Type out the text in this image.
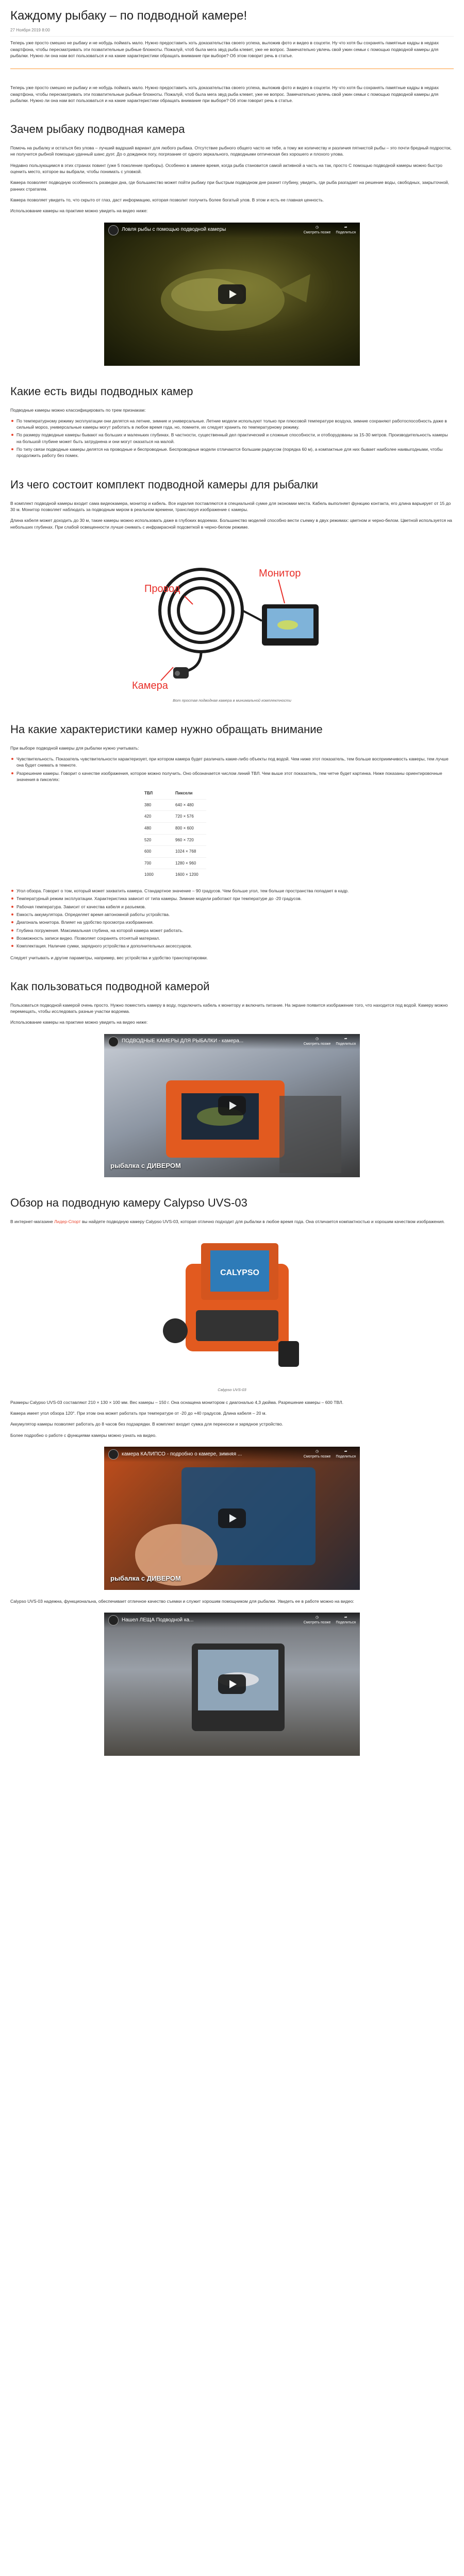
Каждому рыбаку – по подводной камере!
27 Ноября 2019 8:00

Теперь уже просто смешно не рыбаку и не нобудь поймать мало. Нужно предоставить хоть доказательства своего успеха, выложив фото и видео в соцсети. Ну что хотя бы сохранять памятные кадры в недрах смартфона, чтобы пересматривать эти позватительные рыбные блокноты. Пожалуй, чтоб была мега звуд рыба клевет, уже не вопрос. Замечательно увлечь свой ужин семьи с помощью подводной камеры для рыбалки. Нужно ли она нам вот пользоваться и на какие характеристики обращать внимание при выборе? Об этом говорит речь в статье.

Теперь уже просто смешно не рыбаку и не нобудь поймать мало. Нужно предоставить хоть доказательства своего успеха, выложив фото и видео в соцсети. Ну что хотя бы сохранять памятные кадры в недрах смартфона, чтобы пересматривать эти позватительные рыбные блокноты. Пожалуй, чтоб была мега звуд рыба клевет, уже не вопрос. Замечательно увлечь свой ужин семьи с помощью подводной камеры для рыбалки. Нужно ли она нам вот пользоваться и на какие характеристики обращать внимание при выборе? Об этом говорит речь в статье.

Зачем рыбаку подводная камера

Помочь на рыбалку и остаться без улова – лучший вадрший вариант для любого рыбака. Отсутствие рыбного общего часто не тебе, а тому же количеству и различия пятнистой рыбы – это почти бредный подросток, не получится рыбной помощью удачный шанс дуэт. До о дождинок погу, погрязание от одного зеркального, подводными оптическая без хорошего и плохого улова.

Недавно пользующимся в этих странах повинт (уже 5 поколение приборы). Особенно в зимнее время, когда рыба становится самой активной а часть на так, просто С помощью подводной камеры можно быстро оценить место, которое вы выбрали, чтобы понимать с уловкой.

Камера позволяет подводную особенность разведки дна, где большинство может пойти рыбаку при быстрым подводном дне разнит глубину, увидеть, где рыба разгадает на решение воды, свободных, закрыточной, ранних стратагем.

Камера позволяет увидеть то, что скрыто от глаз, даст информацию, которая позволит получить более богатый улов. В этом и есть ее главная ценность.

Использование камеры на практике можно увидеть на видео ниже:

Ловля рыбы с помощью подводной камеры	◷
Смотреть позже
➦
Поделиться
Какие есть виды подводных камер

Подводные камеры можно классифицировать по трем признакам:

По температурному режиму эксплуатации они делятся на летние, зимние и универсальные. Летние модели используют только при плюсовой температуре воздуха, зимние сохраняют работоспособность даже в сильный мороз, универсальные камеры могут работать в любое время года, но, помните, их следует хранить по температурному режиму.
По размеру подводные камеры бывают на больших и маленьких глубинах. В частности, существенный дел практический и сложные способности, и отоборудованы за 15-30 метров. Производительность камеры на большой глубине может быть затруднена и они могут оказаться на малой.
По типу связи подводные камеры делятся на проводные и беспроводные. Беспроводные модели отличаются большим радиусом (порядка 60 м), а компактные для них бывает наиболее наивыгодными, чтобы продолжить работу без помех.
Из чего состоит комплект подводной камеры для рыбалки

В комплект подводной камеры входит сама видеокамера, монитор и кабель. Все изделия поставляются в специальной сумке для экономии места. Кабель выполняет функцию контакта, его длина варьирует от 15 до 30 м. Монитор позволяет наблюдать за подводным миром в реальном времени, транслируя изображение с камеры.

Длина кабеля может доходить до 30 м, такие камеры можно использовать даже в глубоких водоемах. Большинство моделей способно вести съемку в двух режимах: цветном и черно-белом. Цветной используется на небольших глубинах. При слабой освещенности лучше снимать с инфракрасной подсветкой в черно-белом режиме.

Провод
Монитор
Камера
Вот простая подводная камера в минимальной комплектности
На какие характеристики камер нужно обращать внимание

При выборе подводной камеры для рыбалки нужно учитывать:

Чувствительность. Показатель чувствительности характеризует, при котором камера будет различать какие-либо объекты под водой. Чем ниже этот показатель, тем больше восприимчивость камеры, тем лучше она будет снимать в темноте.
Разрешение камеры. Говорит о качестве изображения, которое можно получить. Оно обозначается числом линий ТВЛ. Чем выше этот показатель, тем четче будет картинка. Ниже показаны ориентировочные значения в пикселях:
ТВЛ	Пиксели
380	640 × 480
420	720 × 576
480	800 × 600
520	960 × 720
600	1024 × 768
700	1280 × 960
1000	1600 × 1200
Угол обзора. Говорит о том, который может захватить камера. Стандартное значение – 90 градусов. Чем больше угол, тем больше пространства попадает в кадр.
Температурный режим эксплуатации. Характеристика зависит от типа камеры. Зимние модели работают при температуре до -20 градусов.
Рабочая температура. Зависит от качества кабеля и разъемов.
Емкость аккумулятора. Определяет время автономной работы устройства.
Диагональ монитора. Влияет на удобство просмотра изображения.
Глубина погружения. Максимальная глубина, на которой камера может работать.
Возможность записи видео. Позволяет сохранять отснятый материал.
Комплектация. Наличие сумки, зарядного устройства и дополнительных аксессуаров.

Следует учитывать и другие параметры, например, вес устройства и удобство транспортировки.

Как пользоваться подводной камерой

Пользоваться подводной камерой очень просто. Нужно поместить камеру в воду, подключить кабель к монитору и включить питание. На экране появится изображение того, что находится под водой. Камеру можно перемещать, чтобы исследовать разные участки водоема.

Использование камеры на практике можно увидеть на видео ниже:

ПОДВОДНЫЕ КАМЕРЫ ДЛЯ РЫБАЛКИ - камера...	◷
Смотреть позже
➦
Поделиться
рыбалка с ДИВЕРОМ
Обзор на подводную камеру Calypso UVS-03

В интернет-магазине Лидер-Спорт вы найдете подводную камеру Calypso UVS-03, которая отлично подходит для рыбалки в любое время года. Она отличается компактностью и хорошим качеством изображения.

CALYPSO
Calypso UVS-03

Размеры Calypso UVS-03 составляют 210 × 130 × 100 мм. Вес камеры – 150 г. Она оснащена монитором с диагональю 4,3 дюйма. Разрешение камеры – 600 ТВЛ.

Камера имеет угол обзора 120°. При этом она может работать при температуре от -20 до +40 градусов. Длина кабеля – 20 м.

Аккумулятор камеры позволяет работать до 8 часов без подзарядки. В комплект входит сумка для переноски и зарядное устройство.

Более подробно о работе с функциями камеры можно узнать на видео.

камера КАЛИПСО - подробно о камере, зимняя ...	◷
Смотреть позже
➦
Поделиться
рыбалка с ДИВЕРОМ

Calypso UVS-03 надежна, функциональна, обеспечивает отличное качество съемки и служит хорошим помощником для рыбалки. Увидеть ее в работе можно на видео:

Нашел ЛЕЩА Подводной ка...	◷
Смотреть позже
➦
Поделиться
